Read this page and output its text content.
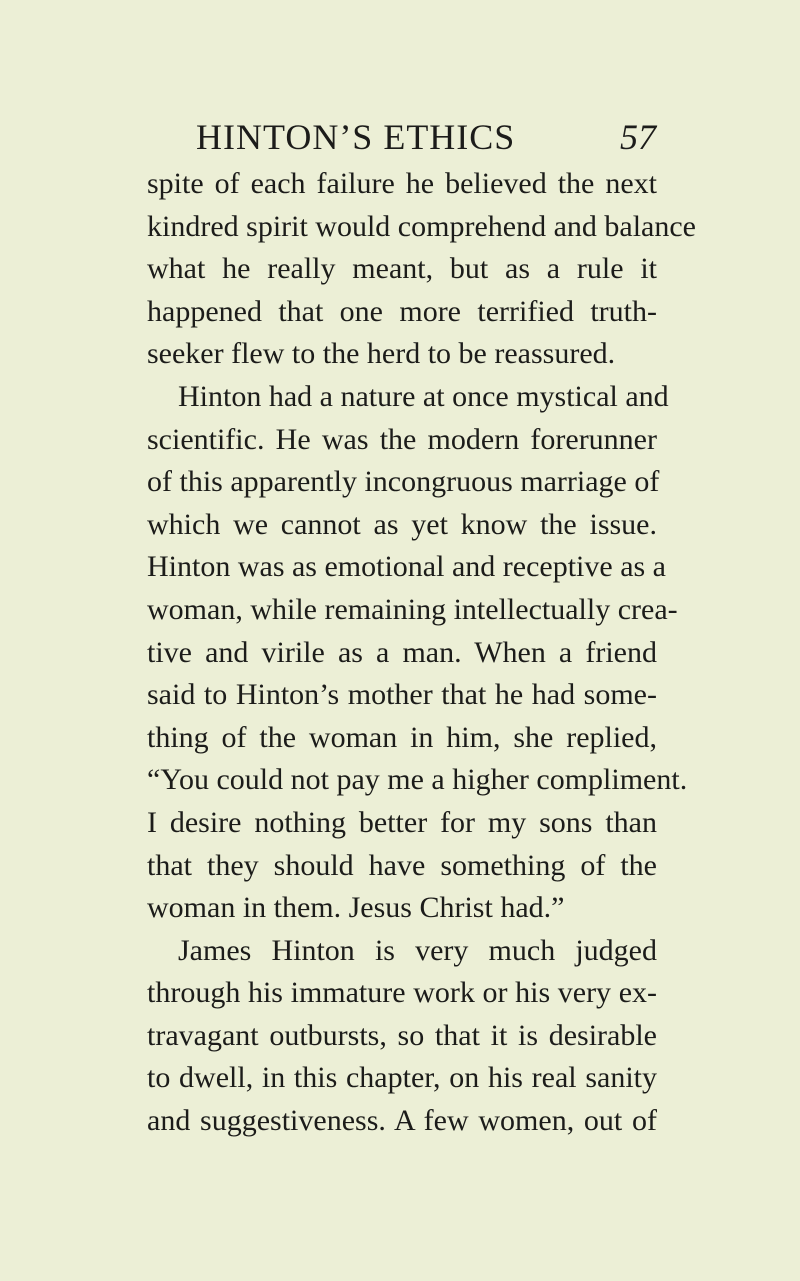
HINTON’S ETHICS	57
spite of each failure he believed the next
kindred spirit would comprehend and balance
what he really meant, but as a rule it
happened that one more terrified truth-
seeker flew to the herd to be reassured.
Hinton had a nature at once mystical and
scientific. He was the modern forerunner
of this apparently incongruous marriage of
which we cannot as yet know the issue.
Hinton was as emotional and receptive as a
woman, while remaining intellectually crea-
tive and virile as a man. When a friend
said to Hinton’s mother that he had some-
thing of the woman in him, she replied,
“You could not pay me a higher compliment.
I desire nothing better for my sons than
that they should have something of the
woman in them. Jesus Christ had.”
James Hinton is very much judged
through his immature work or his very ex-
travagant outbursts, so that it is desirable
to dwell, in this chapter, on his real sanity
and suggestiveness. A few women, out of
